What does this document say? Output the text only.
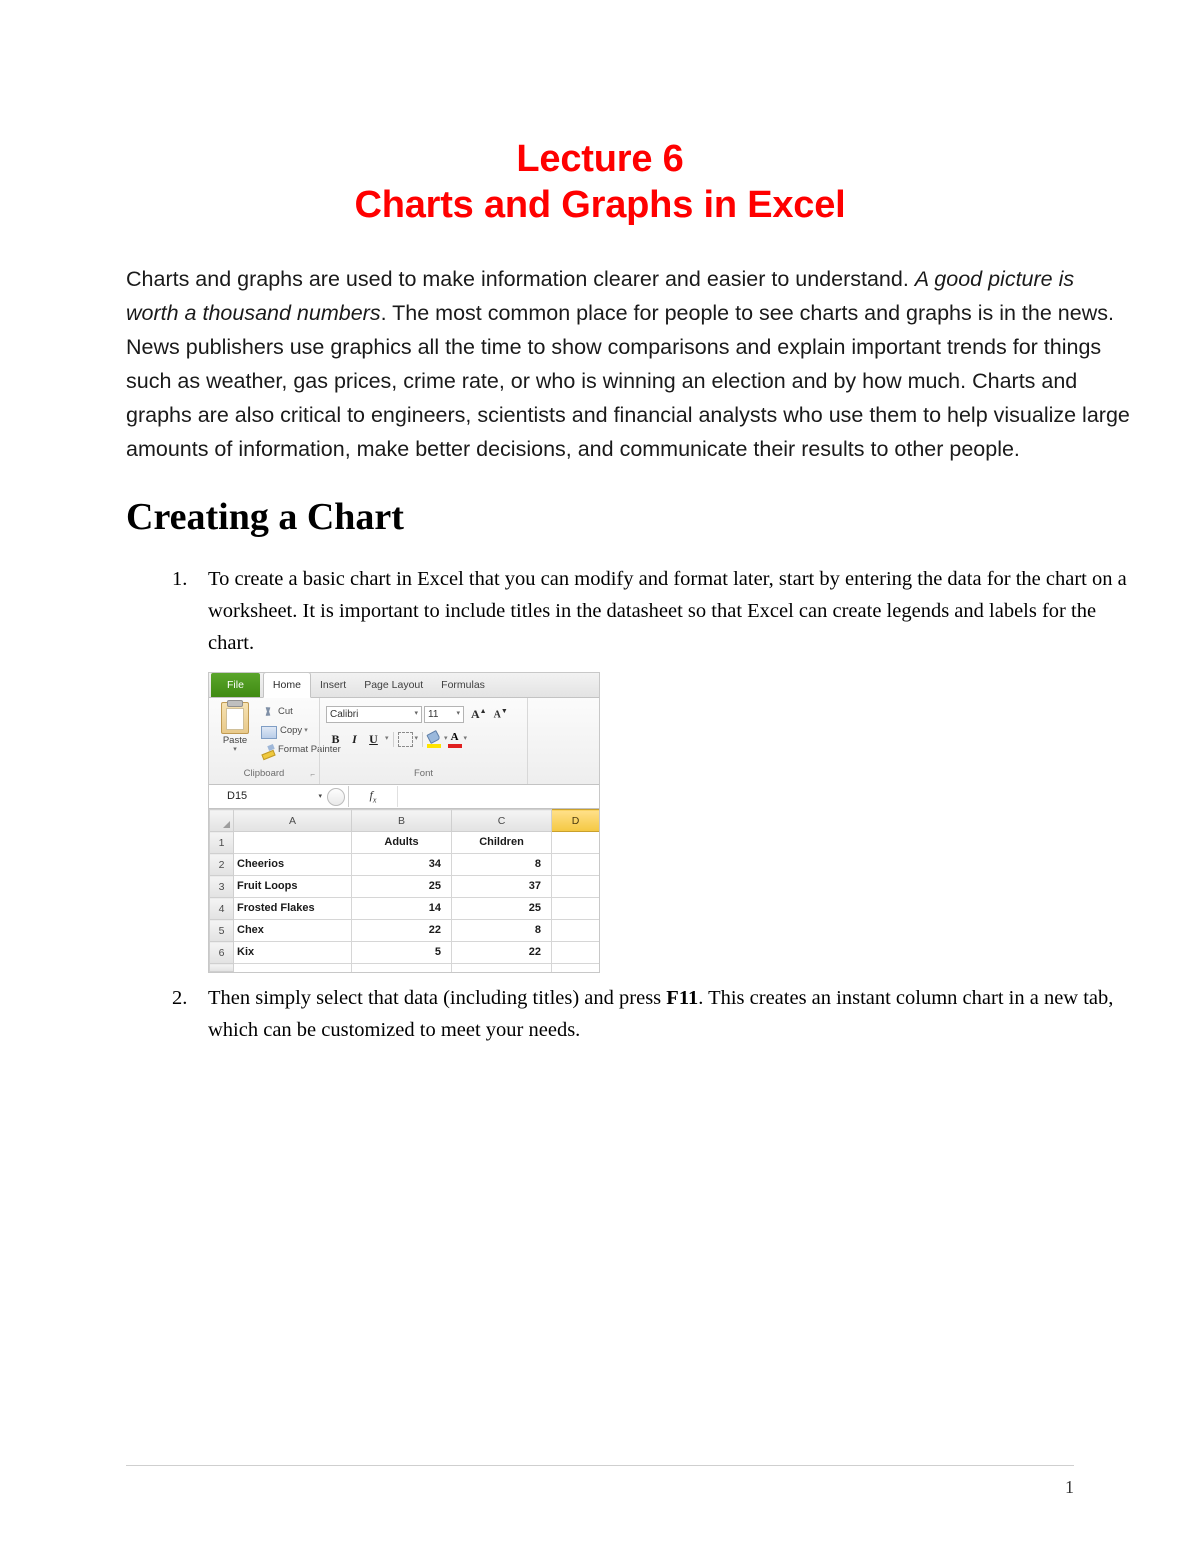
Lecture 6
Charts and Graphs in Excel

Charts and graphs are used to make information clearer and easier to understand. A good picture is worth a thousand numbers. The most common place for people to see charts and graphs is in the news. News publishers use graphics all the time to show comparisons and explain important trends for things such as weather, gas prices, crime rate, or who is winning an election and by how much. Charts and graphs are also critical to engineers, scientists and financial analysts who use them to help visualize large amounts of information, make better decisions, and communicate their results to other people.

Creating a Chart
1.	To create a basic chart in Excel that you can modify and format later, start by entering the data for the chart on a worksheet. It is important to include titles in the datasheet so that Excel can create legends and labels for the chart.
File	Home	Insert	Page Layout	Formulas
Paste
▾
Cut
Copy ▾
Format Painter
Clipboard	⌐
Calibri	▾ 11	▾ A▲ A▼
B	I	U	▾	▾	▾ A ▾
Font
D15	▾	$f_x$
	A	B	C	D
1		Adults	Children	
2	Cheerios	34	8	
3	Fruit Loops	25	37	
4	Frosted Flakes	14	25	
5	Chex	22	8	
6	Kix	5	22	

2.	Then simply select that data (including titles) and press F11. This creates an instant column chart in a new tab, which can be customized to meet your needs.
1
